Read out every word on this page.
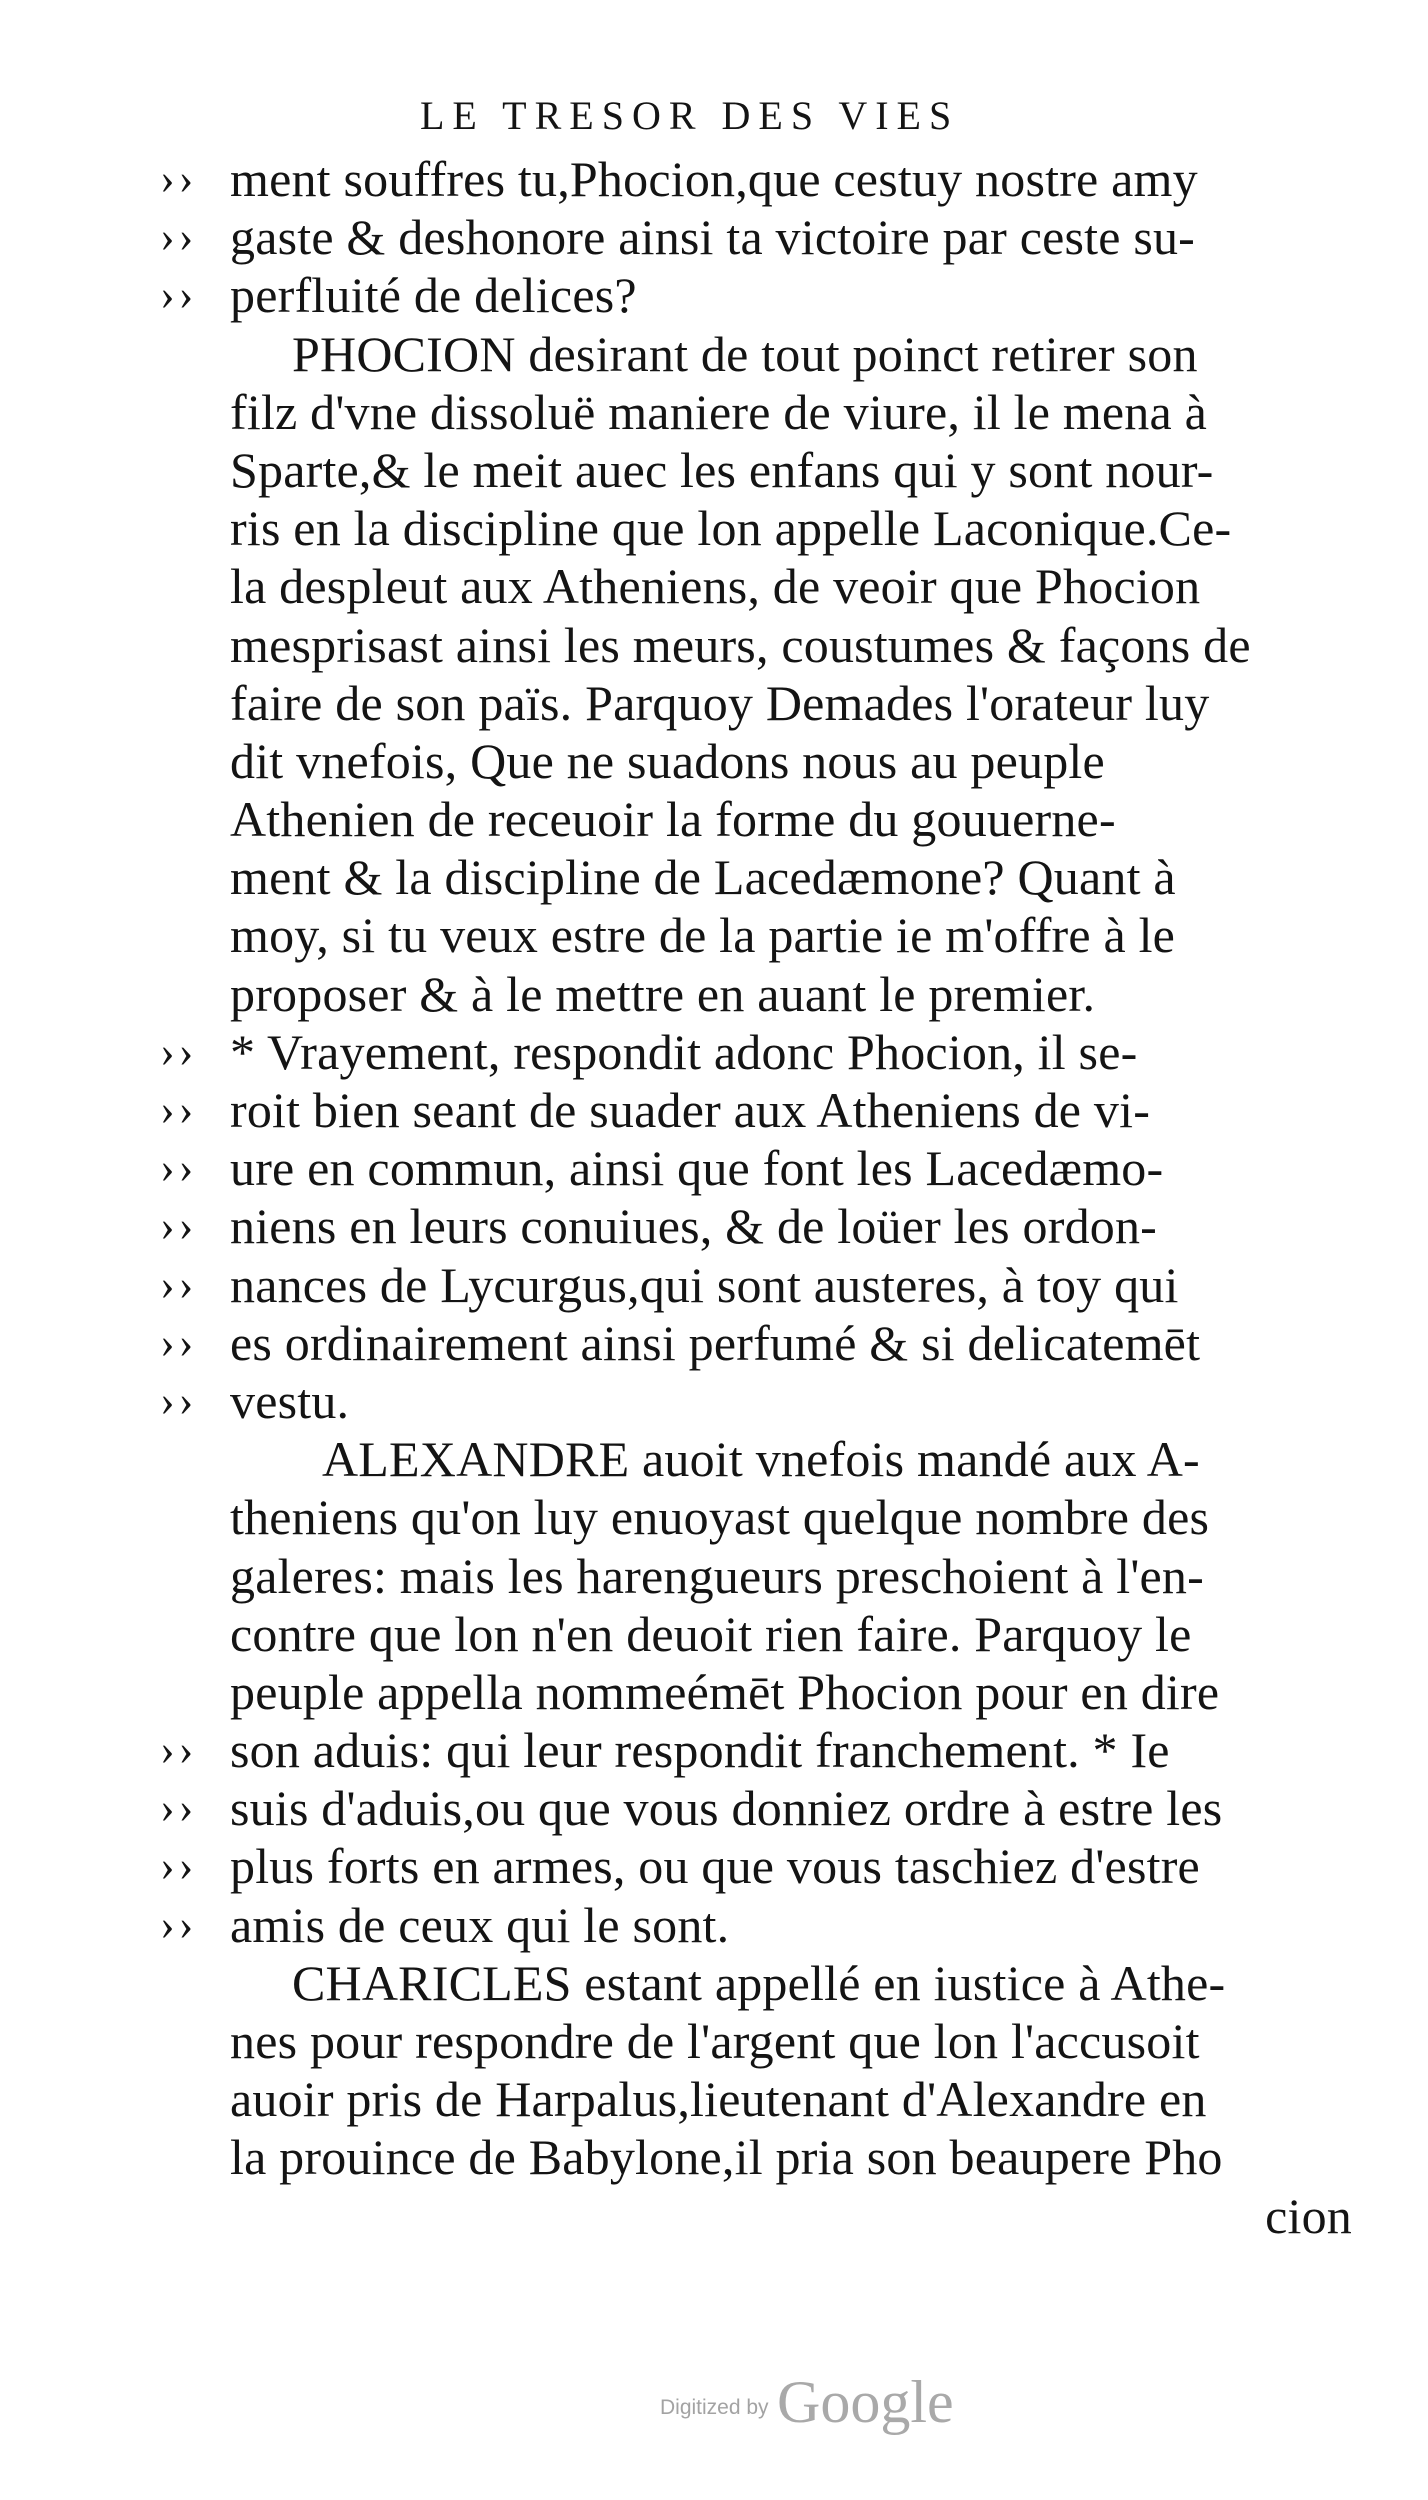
LE TRESOR DES VIES
›› ment souffres tu,Phocion,que cestuy nostre amy
›› gaste & deshonore ainsi ta victoire par ceste su-
›› perfluité de delices?
PHOCION desirant de tout poinct retirer son
filz d'vne dissoluë maniere de viure, il le mena à
Sparte,& le meit auec les enfans qui y sont nour-
ris en la discipline que lon appelle Laconique.Ce-
la despleut aux Atheniens, de veoir que Phocion
mesprisast ainsi les meurs, coustumes & façons de
faire de son païs. Parquoy Demades l'orateur luy
dit vnefois, Que ne suadons nous au peuple
Athenien de receuoir la forme du gouuerne-
ment & la discipline de Lacedæmone? Quant à
moy, si tu veux estre de la partie ie m'offre à le
proposer & à le mettre en auant le premier.
›› * Vrayement, respondit adonc Phocion, il se-
›› roit bien seant de suader aux Atheniens de vi-
›› ure en commun, ainsi que font les Lacedæmo-
›› niens en leurs conuiues, & de loüer les ordon-
›› nances de Lycurgus,qui sont austeres, à toy qui
›› es ordinairement ainsi perfumé & si delicatemēt
›› vestu.
ALEXANDRE auoit vnefois mandé aux A-
theniens qu'on luy enuoyast quelque nombre des
galeres: mais les harengueurs preschoient à l'en-
contre que lon n'en deuoit rien faire. Parquoy le
peuple appella nommeémēt Phocion pour en dire
›› son aduis: qui leur respondit franchement. * Ie
›› suis d'aduis,ou que vous donniez ordre à estre les
›› plus forts en armes, ou que vous taschiez d'estre
›› amis de ceux qui le sont.
CHARICLES estant appellé en iustice à Athe-
nes pour respondre de l'argent que lon l'accusoit
auoir pris de Harpalus,lieutenant d'Alexandre en
la prouince de Babylone,il pria son beaupere Pho
cion
Digitized by Google
